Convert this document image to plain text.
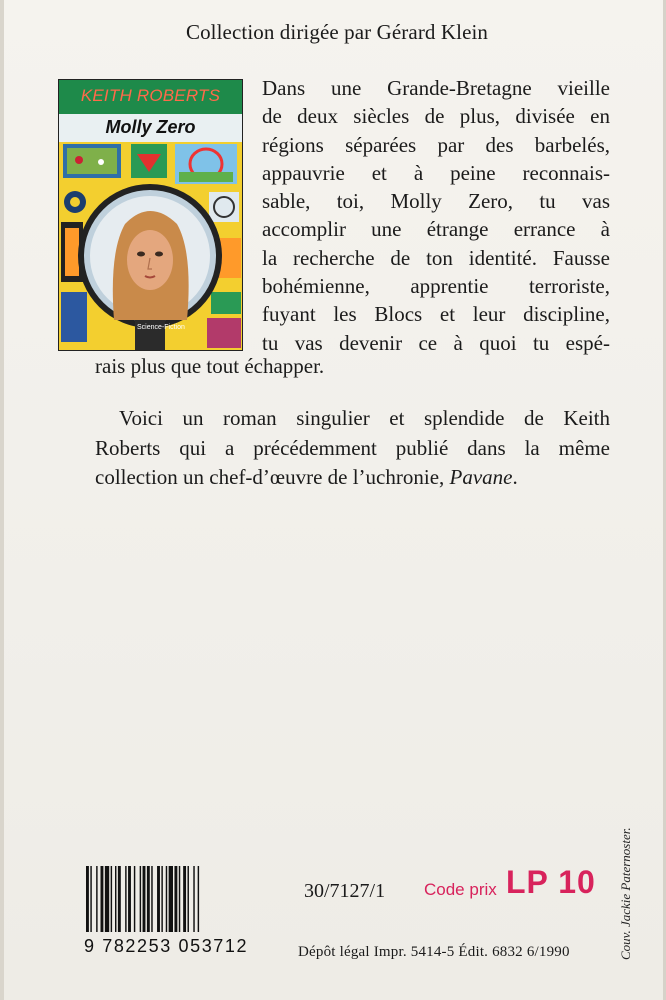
Collection dirigée par Gérard Klein
KEITH ROBERTS
Molly Zero
Science-Fiction
Dans une Grande-Bretagne vieille
de deux siècles de plus, divisée en
régions séparées par des barbelés,
appauvrie et à peine reconnais-
sable, toi, Molly Zero, tu vas
accomplir une étrange errance à
la recherche de ton identité. Fausse
bohémienne, apprentie terroriste,
fuyant les Blocs et leur discipline,
tu vas devenir ce à quoi tu espé-
rais plus que tout échapper.
Voici un roman singulier et splendide de Keith
Roberts qui a précédemment publié dans la même
collection un chef-d’œuvre de l’uchronie, Pavane.
9 782253 053712
30/7127/1 Code prix LP 10
Dépôt légal Impr. 5414-5 Édit. 6832 6/1990	Couv. Jackie Paternoster.
